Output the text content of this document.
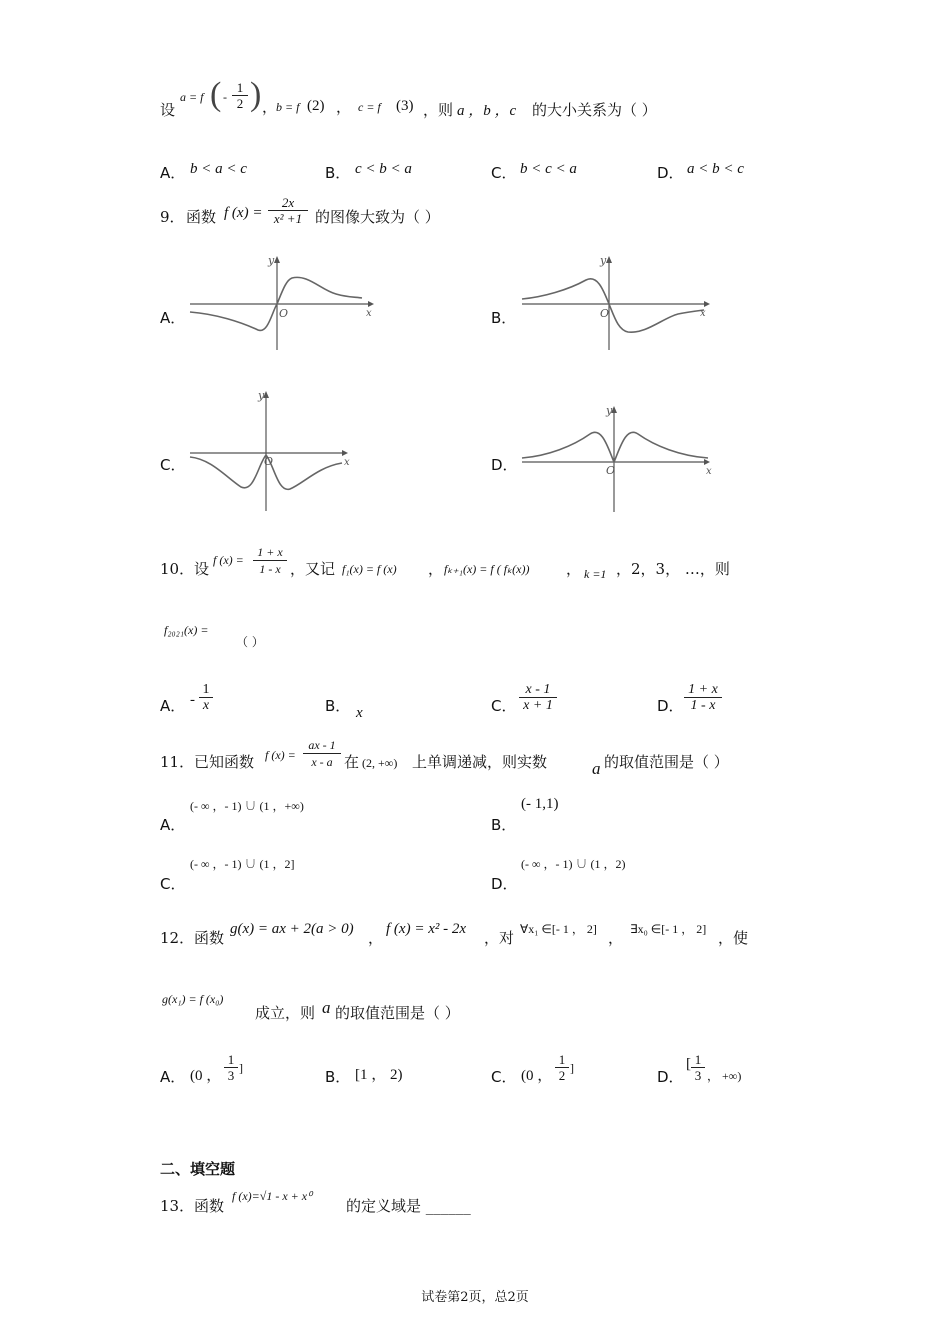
设
a = f ( - $\frac{1}{2}$ ) ，
b = f (2) ， c = f (3) ，则 a ，b ，c 的大小关系为（ ）
A． b < a < c	B． c < b < a	C． b < c < a	D． a < b < c
9． 函数 f $(x) = \frac{2x}{\text{x² +1}}$ 的图像大致为（ ）
A．
y
x
O	B．
y
x
O
C．
y
x
O	D．
y
x
O
10． 设 f $(x) = \frac{1 + x}{1 - x}$ ，又记 f₁(x) = f (x) ， fₖ₊₁(x) = f ( fₖ(x)) ， k =1 ，2，3， …，则
f₂₀₂₁(x) =
（ ）
A． - $\frac{1}{x}$	B． x	C． $\frac{x - 1}{x + 1}$	D． $\frac{1 + x}{1 - x}$
11． 已知函数 f $(x) = \frac{ax - 1}{x - a}$ 在 (2, +∞) 上单调递减，则实数	a 的取值范围是（ ）
A．
(- ∞ ，- 1) ∪ (1 ，+∞)
B．
(- 1,1)
C．
(- ∞ ，- 1) ∪ (1 ，2]
D．
(- ∞ ，- 1) ∪ (1 ，2)
12． 函数 g(x) = ax + 2(a > 0) ， f (x) = x² - 2x ，对 ∀x₁ ∈[- 1 ， 2] ， ∃x₀ ∈[- 1 ， 2] ，使
g(x₁) = f (x₀)
成立，则 a 的取值范围是（ ）
A． (0 ， $\frac{1}{3}$ ]	B． [1 ， 2)	C． (0 ， $\frac{1}{2}$ ]	D．
[ $\frac{1}{3}$ ， +∞)
二、填空题
13． 函数
f (x)=√1 - x + x⁰
的定义域是 ______
试卷第2页，总2页
